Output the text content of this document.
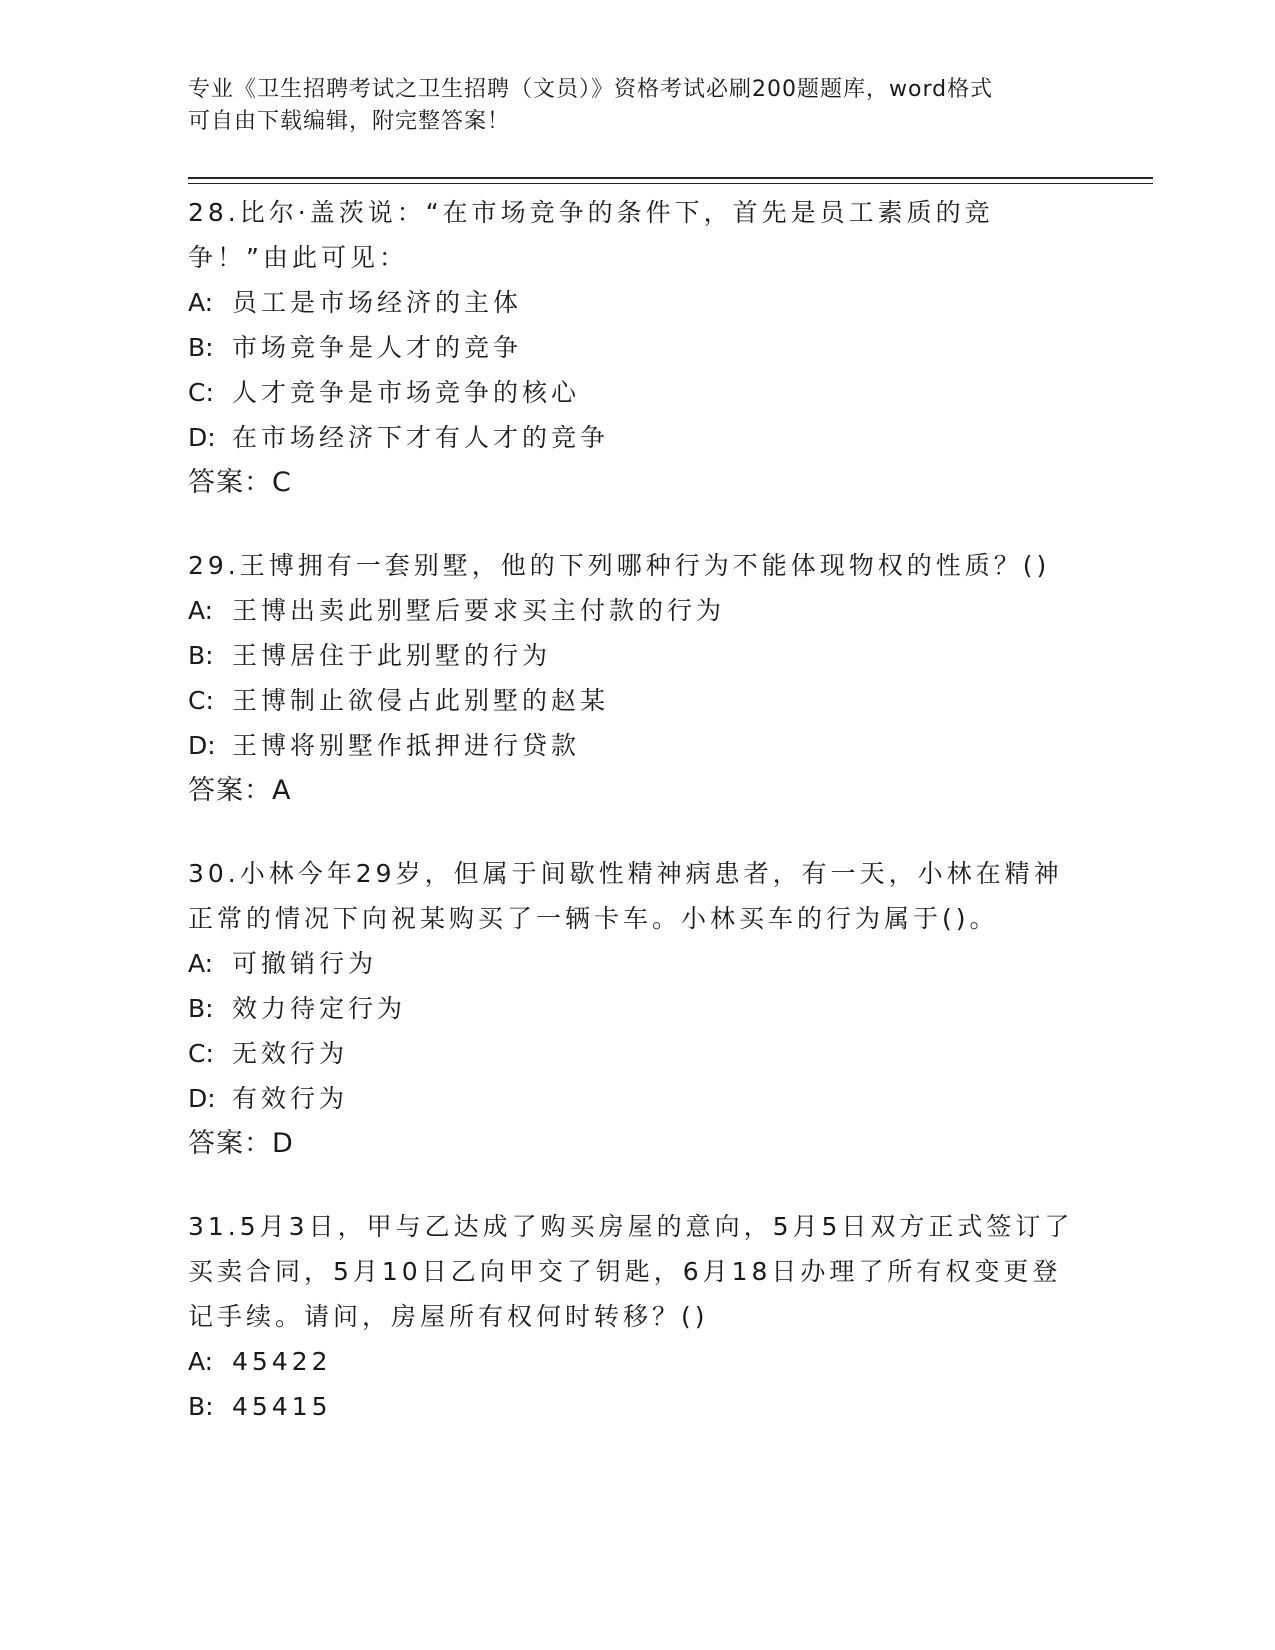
专业《卫生招聘考试之卫生招聘（文员）》资格考试必刷200题题库，word格式
可自由下载编辑，附完整答案！
28.比尔·盖茨说：“在市场竞争的条件下，首先是员工素质的竞争！”由此可见：
A: 员工是市场经济的主体
B: 市场竞争是人才的竞争
C: 人才竞争是市场竞争的核心
D: 在市场经济下才有人才的竞争
答案：C
29.王博拥有一套别墅，他的下列哪种行为不能体现物权的性质？()
A: 王博出卖此别墅后要求买主付款的行为
B: 王博居住于此别墅的行为
C: 王博制止欲侵占此别墅的赵某
D: 王博将别墅作抵押进行贷款
答案：A
30.小林今年29岁，但属于间歇性精神病患者，有一天，小林在精神正常的情况下向祝某购买了一辆卡车。小林买车的行为属于()。
A: 可撤销行为
B: 效力待定行为
C: 无效行为
D: 有效行为
答案：D
31.5月3日，甲与乙达成了购买房屋的意向，5月5日双方正式签订了买卖合同，5月10日乙向甲交了钥匙，6月18日办理了所有权变更登记手续。请问，房屋所有权何时转移？()
A: 45422
B: 45415
